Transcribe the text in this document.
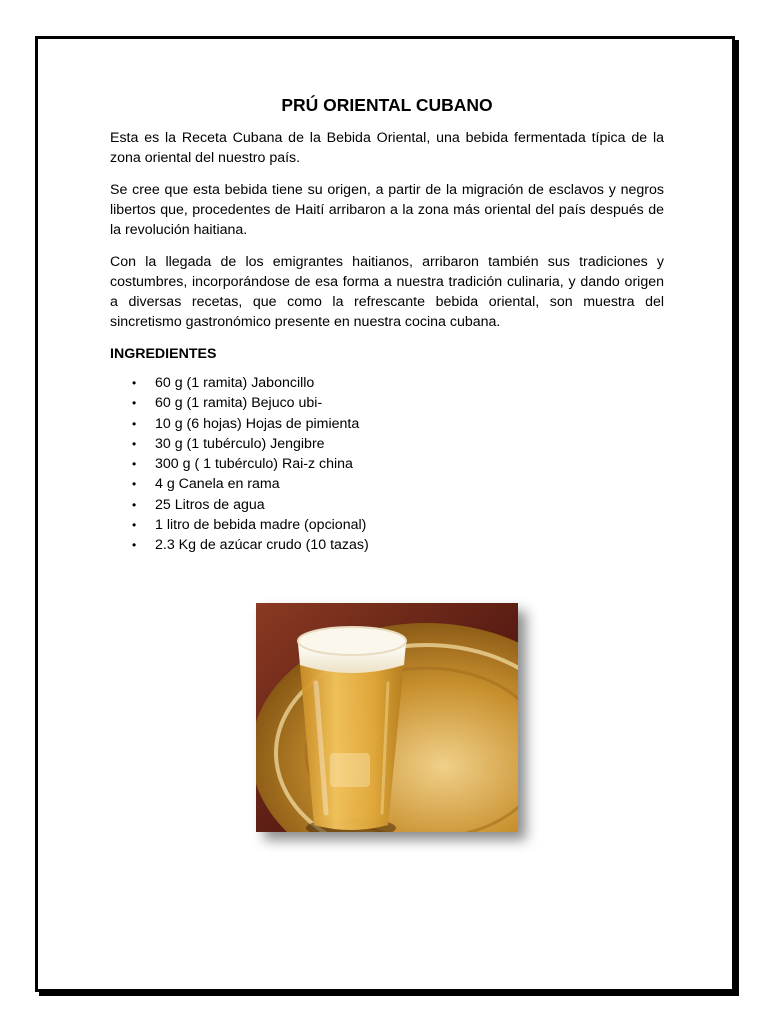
PRÚ ORIENTAL CUBANO

Esta es la Receta Cubana de la Bebida Oriental, una bebida fermentada típica de la zona oriental del nuestro país.

Se cree que esta bebida tiene su origen, a partir de la migración de esclavos y negros libertos que, procedentes de Haití arribaron a la zona más oriental del país después de la revolución haitiana.

Con la llegada de los emigrantes haitianos, arribaron también sus tradiciones y costumbres, incorporándose de esa forma a nuestra tradición culinaria, y dando origen a diversas recetas, que como la refrescante bebida oriental, son muestra del sincretismo gastronómico presente en nuestra cocina cubana.

INGREDIENTES
• 60 g (1 ramita) Jaboncillo
• 60 g (1 ramita) Bejuco ubi-
• 10 g (6 hojas) Hojas de pimienta
• 30 g (1 tubérculo) Jengibre
• 300 g ( 1 tubérculo) Rai-z china
• 4 g Canela en rama
• 25 Litros de agua
• 1 litro de bebida madre (opcional)
• 2.3 Kg de azúcar crudo (10 tazas)
